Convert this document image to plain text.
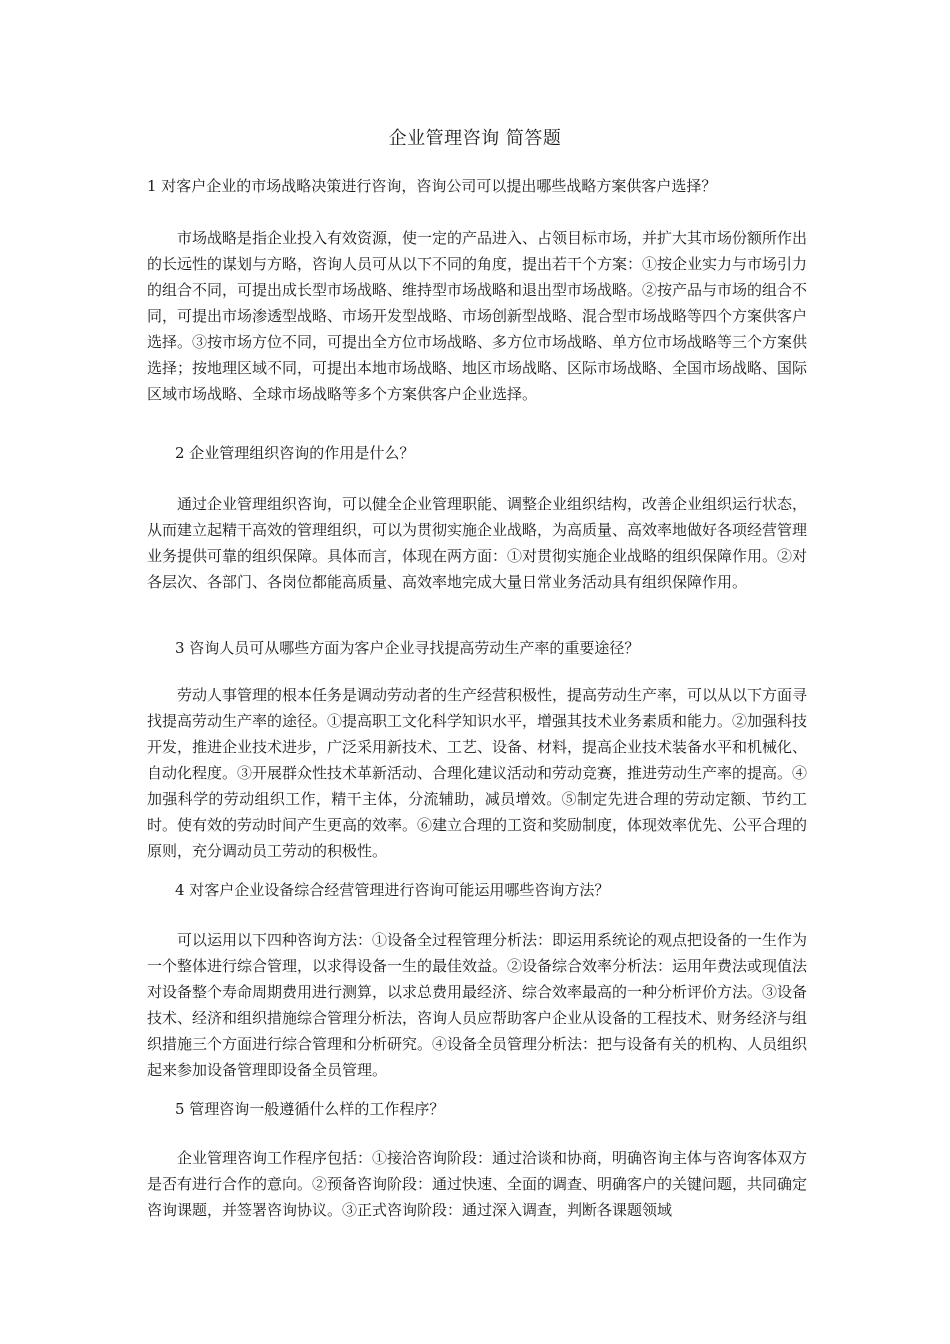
企业管理咨询 简答题

1 对客户企业的市场战略决策进行咨询，咨询公司可以提出哪些战略方案供客户选择？

市场战略是指企业投入有效资源，使一定的产品进入、占领目标市场，并扩大其市场份额所作出的长远性的谋划与方略，咨询人员可从以下不同的角度，提出若干个方案：①按企业实力与市场引力的组合不同，可提出成长型市场战略、维持型市场战略和退出型市场战略。②按产品与市场的组合不同，可提出市场渗透型战略、市场开发型战略、市场创新型战略、混合型市场战略等四个方案供客户选择。③按市场方位不同，可提出全方位市场战略、多方位市场战略、单方位市场战略等三个方案供选择；按地理区域不同，可提出本地市场战略、地区市场战略、区际市场战略、全国市场战略、国际区域市场战略、全球市场战略等多个方案供客户企业选择。

2 企业管理组织咨询的作用是什么？

通过企业管理组织咨询，可以健全企业管理职能、调整企业组织结构，改善企业组织运行状态，从而建立起精干高效的管理组织，可以为贯彻实施企业战略，为高质量、高效率地做好各项经营管理业务提供可靠的组织保障。具体而言，体现在两方面：①对贯彻实施企业战略的组织保障作用。②对各层次、各部门、各岗位都能高质量、高效率地完成大量日常业务活动具有组织保障作用。

3 咨询人员可从哪些方面为客户企业寻找提高劳动生产率的重要途径？

劳动人事管理的根本任务是调动劳动者的生产经营积极性，提高劳动生产率，可以从以下方面寻找提高劳动生产率的途径。①提高职工文化科学知识水平，增强其技术业务素质和能力。②加强科技开发，推进企业技术进步，广泛采用新技术、工艺、设备、材料，提高企业技术装备水平和机械化、自动化程度。③开展群众性技术革新活动、合理化建议活动和劳动竞赛，推进劳动生产率的提高。④加强科学的劳动组织工作，精干主体，分流辅助，减员增效。⑤制定先进合理的劳动定额、节约工时。使有效的劳动时间产生更高的效率。⑥建立合理的工资和奖励制度，体现效率优先、公平合理的原则，充分调动员工劳动的积极性。

4 对客户企业设备综合经营管理进行咨询可能运用哪些咨询方法？

可以运用以下四种咨询方法：①设备全过程管理分析法：即运用系统论的观点把设备的一生作为一个整体进行综合管理，以求得设备一生的最佳效益。②设备综合效率分析法：运用年费法或现值法对设备整个寿命周期费用进行测算，以求总费用最经济、综合效率最高的一种分析评价方法。③设备技术、经济和组织措施综合管理分析法，咨询人员应帮助客户企业从设备的工程技术、财务经济与组织措施三个方面进行综合管理和分析研究。④设备全员管理分析法：把与设备有关的机构、人员组织起来参加设备管理即设备全员管理。

5 管理咨询一般遵循什么样的工作程序？

企业管理咨询工作程序包括：①接洽咨询阶段：通过洽谈和协商，明确咨询主体与咨询客体双方是否有进行合作的意向。②预备咨询阶段：通过快速、全面的调查、明确客户的关键问题，共同确定咨询课题，并签署咨询协议。③正式咨询阶段：通过深入调查，判断各课题领域
